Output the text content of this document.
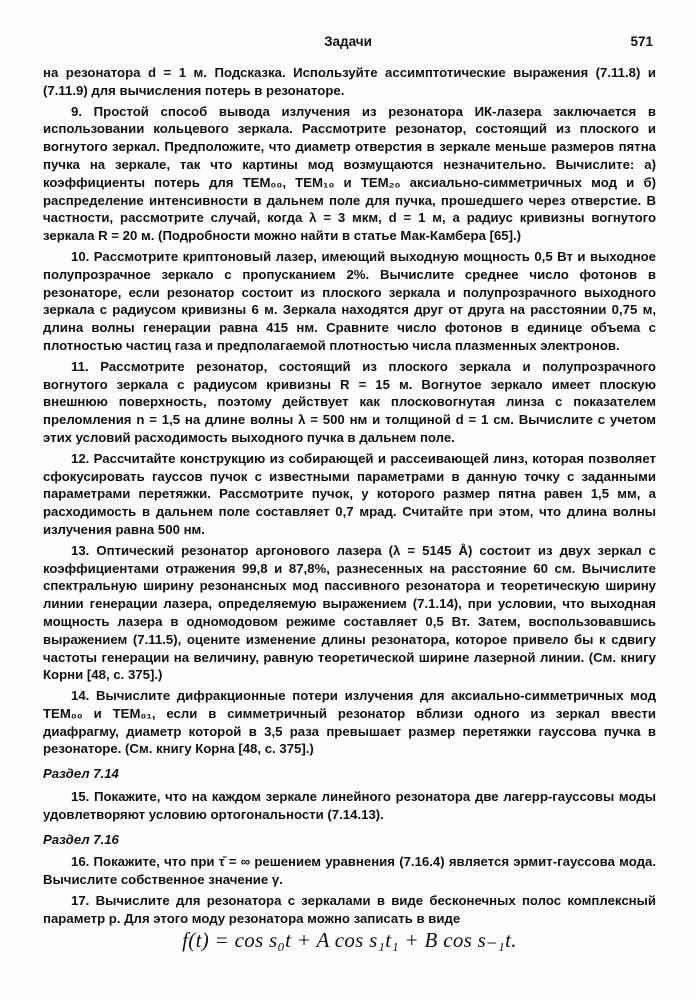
Задачи	571

на резонатора d = 1 м. Подсказка. Используйте ассимптотические выражения (7.11.8) и (7.11.9) для вычисления потерь в резонаторе.

9. Простой способ вывода излучения из резонатора ИК-лазера заключается в использовании кольцевого зеркала. Рассмотрите резонатор, состоящий из плоского и вогнутого зеркал. Предположите, что диаметр отверстия в зеркале меньше размеров пятна пучка на зеркале, так что картины мод возмущаются незначительно. Вычислите: а) коэффициенты потерь для TEM₀₀, TEM₁₀ и TEM₂₀ аксиально-симметричных мод и б) распределение интенсивности в дальнем поле для пучка, прошедшего через отверстие. В частности, рассмотрите случай, когда λ = 3 мкм, d = 1 м, а радиус кривизны вогнутого зеркала R = 20 м. (Подробности можно найти в статье Мак-Камбера [65].)

10. Рассмотрите криптоновый лазер, имеющий выходную мощность 0,5 Вт и выходное полупрозрачное зеркало с пропусканием 2%. Вычислите среднее число фотонов в резонаторе, если резонатор состоит из плоского зеркала и полупрозрачного выходного зеркала с радиусом кривизны 6 м. Зеркала находятся друг от друга на расстоянии 0,75 м, длина волны генерации равна 415 нм. Сравните число фотонов в единице объема с плотностью частиц газа и предполагаемой плотностью числа плазменных электронов.

11. Рассмотрите резонатор, состоящий из плоского зеркала и полупрозрачного вогнутого зеркала с радиусом кривизны R = 15 м. Вогнутое зеркало имеет плоскую внешнюю поверхность, поэтому действует как плосковогнутая линза с показателем преломления n = 1,5 на длине волны λ = 500 нм и толщиной d = 1 см. Вычислите с учетом этих условий расходимость выходного пучка в дальнем поле.

12. Рассчитайте конструкцию из собирающей и рассеивающей линз, которая позволяет сфокусировать гауссов пучок с известными параметрами в данную точку с заданными параметрами перетяжки. Рассмотрите пучок, у которого размер пятна равен 1,5 мм, а расходимость в дальнем поле составляет 0,7 мрад. Считайте при этом, что длина волны излучения равна 500 нм.

13. Оптический резонатор аргонового лазера (λ = 5145 Å) состоит из двух зеркал с коэффициентами отражения 99,8 и 87,8%, разнесенных на расстояние 60 см. Вычислите спектральную ширину резонансных мод пассивного резонатора и теоретическую ширину линии генерации лазера, определяемую выражением (7.1.14), при условии, что выходная мощность лазера в одномодовом режиме составляет 0,5 Вт. Затем, воспользовавшись выражением (7.11.5), оцените изменение длины резонатора, которое привело бы к сдвигу частоты генерации на величину, равную теоретической ширине лазерной линии. (См. книгу Корни [48, с. 375].)

14. Вычислите дифракционные потери излучения для аксиально-симметричных мод TEM₀₀ и TEM₀₁, если в симметричный резонатор вблизи одного из зеркал ввести диафрагму, диаметр которой в 3,5 раза превышает размер перетяжки гауссова пучка в резонаторе. (См. книгу Корна [48, с. 375].)

Раздел 7.14

15. Покажите, что на каждом зеркале линейного резонатора две лагерр-гауссовы моды удовлетворяют условию ортогональности (7.14.13).

Раздел 7.16

16. Покажите, что при τ̄ = ∞ решением уравнения (7.16.4) является эрмит-гауссова мода. Вычислите собственное значение γ.

17. Вычислите для резонатора с зеркалами в виде бесконечных полос комплексный параметр p. Для этого моду резонатора можно записать в виде

f(t) = cos s₀t + A cos s₁t₁ + B cos s₋₁t.
